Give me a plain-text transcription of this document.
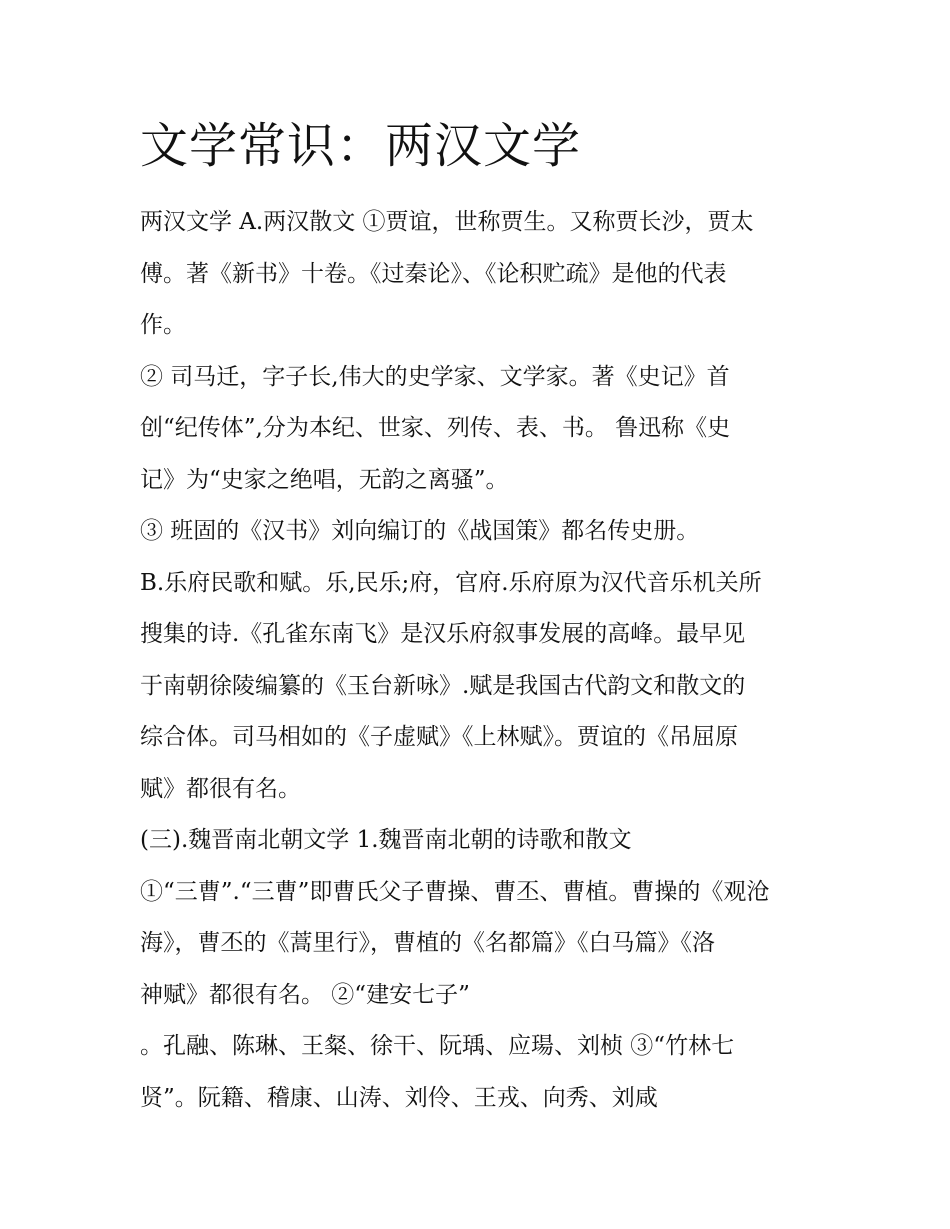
文学常识：两汉文学
两汉文学 A.两汉散文 ①贾谊，世称贾生。又称贾长沙，贾太
傅。著《新书》十卷。《过秦论》、《论积贮疏》是他的代表
作。
② 司马迁，字子长,伟大的史学家、文学家。著《史记》首
创“纪传体”,分为本纪、世家、列传、表、书。 鲁迅称《史
记》为“史家之绝唱，无韵之离骚”。
③ 班固的《汉书》刘向编订的《战国策》都名传史册。
B.乐府民歌和赋。乐,民乐;府，官府.乐府原为汉代音乐机关所
搜集的诗.《孔雀东南飞》是汉乐府叙事发展的高峰。最早见
于南朝徐陵编纂的《玉台新咏》.赋是我国古代韵文和散文的
综合体。司马相如的《子虚赋》《上林赋》。贾谊的《吊屈原
赋》都很有名。
(三).魏晋南北朝文学 1.魏晋南北朝的诗歌和散文
①“三曹”.“三曹”即曹氏父子曹操、曹丕、曹植。曹操的《观沧
海》，曹丕的《蒿里行》，曹植的《名都篇》《白马篇》《洛
神赋》都很有名。 ②“建安七子”
。孔融、陈琳、王粲、徐干、阮瑀、应瑒、刘桢 ③“竹林七
贤”。阮籍、稽康、山涛、刘伶、王戎、向秀、刘咸
